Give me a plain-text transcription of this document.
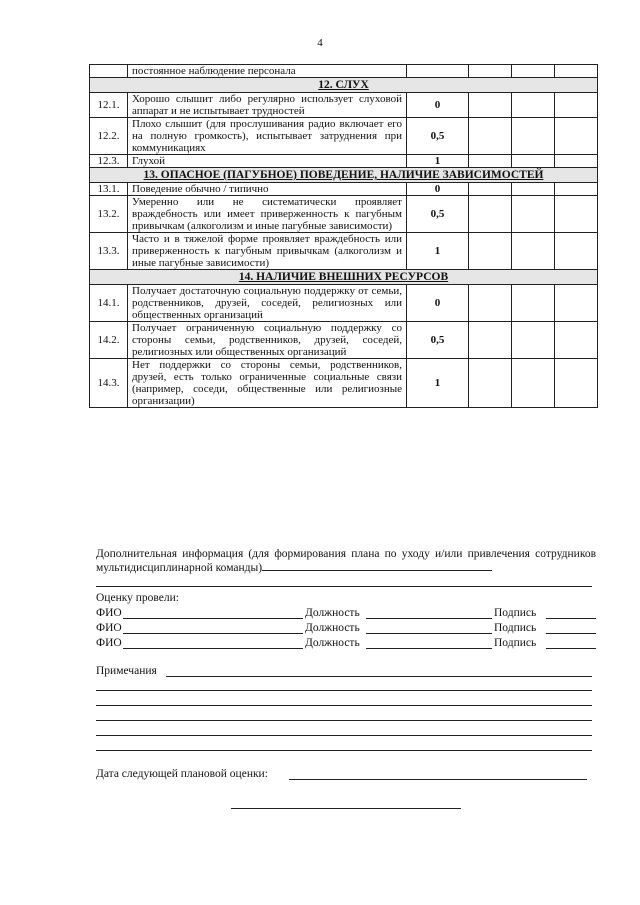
4
	постоянное наблюдение персонала				
12. СЛУХ					
12.1.	Хорошо слышит либо регулярно использует слуховой аппарат и не испытывает трудностей	0			
12.2.	Плохо слышит (для прослушивания радио включает его на полную громкость), испытывает затруднения при коммуникациях	0,5			
12.3.	Глухой	1			
13. ОПАСНОЕ (ПАГУБНОЕ) ПОВЕДЕНИЕ, НАЛИЧИЕ ЗАВИСИМОСТЕЙ					
13.1.	Поведение обычно / типично	0			
13.2.	Умеренно или не систематически проявляет враждебность или имеет приверженность к пагубным привычкам (алкоголизм и иные пагубные зависимости)	0,5			
13.3.	Часто и в тяжелой форме проявляет враждебность или приверженность к пагубным привычкам (алкоголизм и иные пагубные зависимости)	1			
14. НАЛИЧИЕ ВНЕШНИХ РЕСУРСОВ					
14.1.	Получает достаточную социальную поддержку от семьи, родственников, друзей, соседей, религиозных или общественных организаций	0			
14.2.	Получает ограниченную социальную поддержку со стороны семьи, родственников, друзей, соседей, религиозных или общественных организаций	0,5			
14.3.	Нет поддержки со стороны семьи, родственников, друзей, есть только ограниченные социальные связи (например, соседи, общественные или религиозные организации)	1			
Дополнительная информация (для формирования плана по уходу и/или привлечения сотрудников мультидисциплинарной команды)
Оценку провели:
ФИО	Должность	Подпись
ФИО	Должность	Подпись
ФИО	Должность	Подпись
Примечания
Дата следующей плановой оценки:
